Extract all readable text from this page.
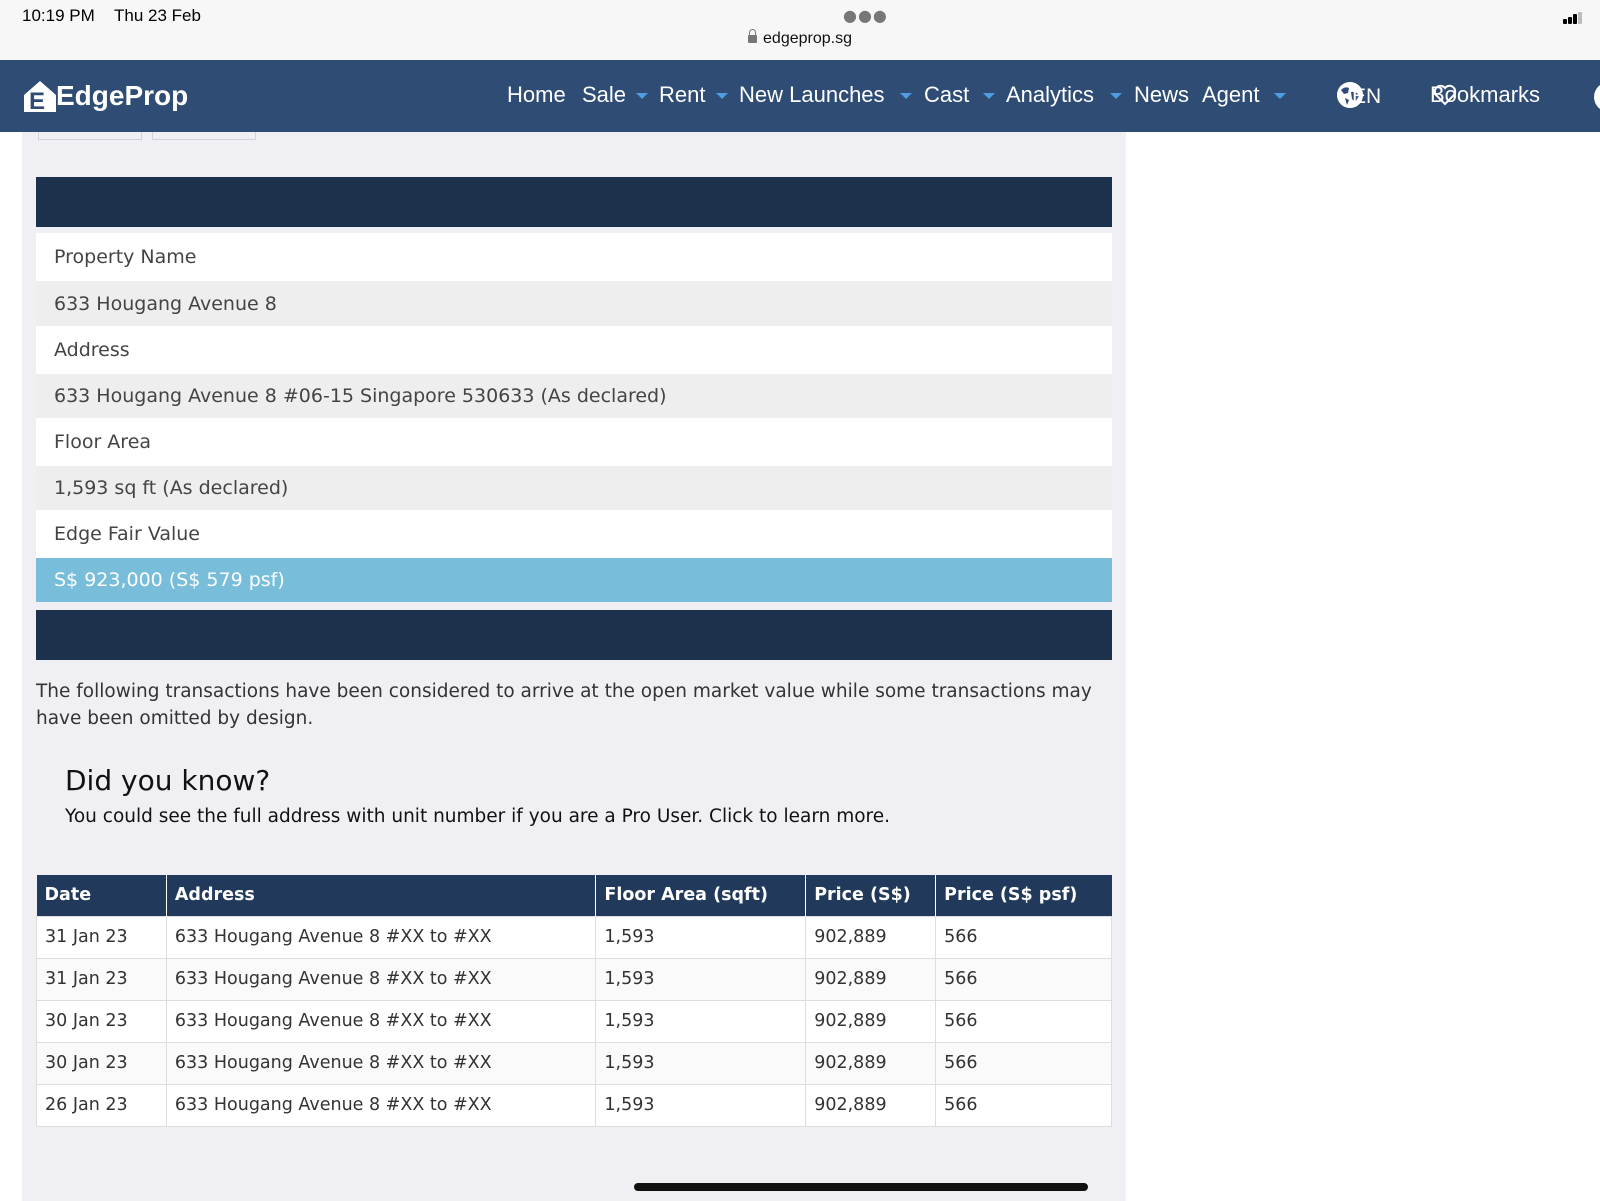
10:19 PM Thu 23 Feb	●●●
edgeprop.sg
E EdgeProp	Home Sale Rent New Launches Cast Analytics News Agent	EN Bookmarks
Property Name
633 Hougang Avenue 8
Address
633 Hougang Avenue 8 #06-15 Singapore 530633 (As declared)
Floor Area
1,593 sq ft (As declared)
Edge Fair Value
S$ 923,000 (S$ 579 psf)

The following transactions have been considered to arrive at the open market value while some transactions may have been omitted by design.

Did you know?

You could see the full address with unit number if you are a Pro User. Click to learn more.

Date	Address	Floor Area (sqft)	Price (S$)	Price (S$ psf)
31 Jan 23	633 Hougang Avenue 8 #XX to #XX	1,593	902,889	566
31 Jan 23	633 Hougang Avenue 8 #XX to #XX	1,593	902,889	566
30 Jan 23	633 Hougang Avenue 8 #XX to #XX	1,593	902,889	566
30 Jan 23	633 Hougang Avenue 8 #XX to #XX	1,593	902,889	566
26 Jan 23	633 Hougang Avenue 8 #XX to #XX	1,593	902,889	566
